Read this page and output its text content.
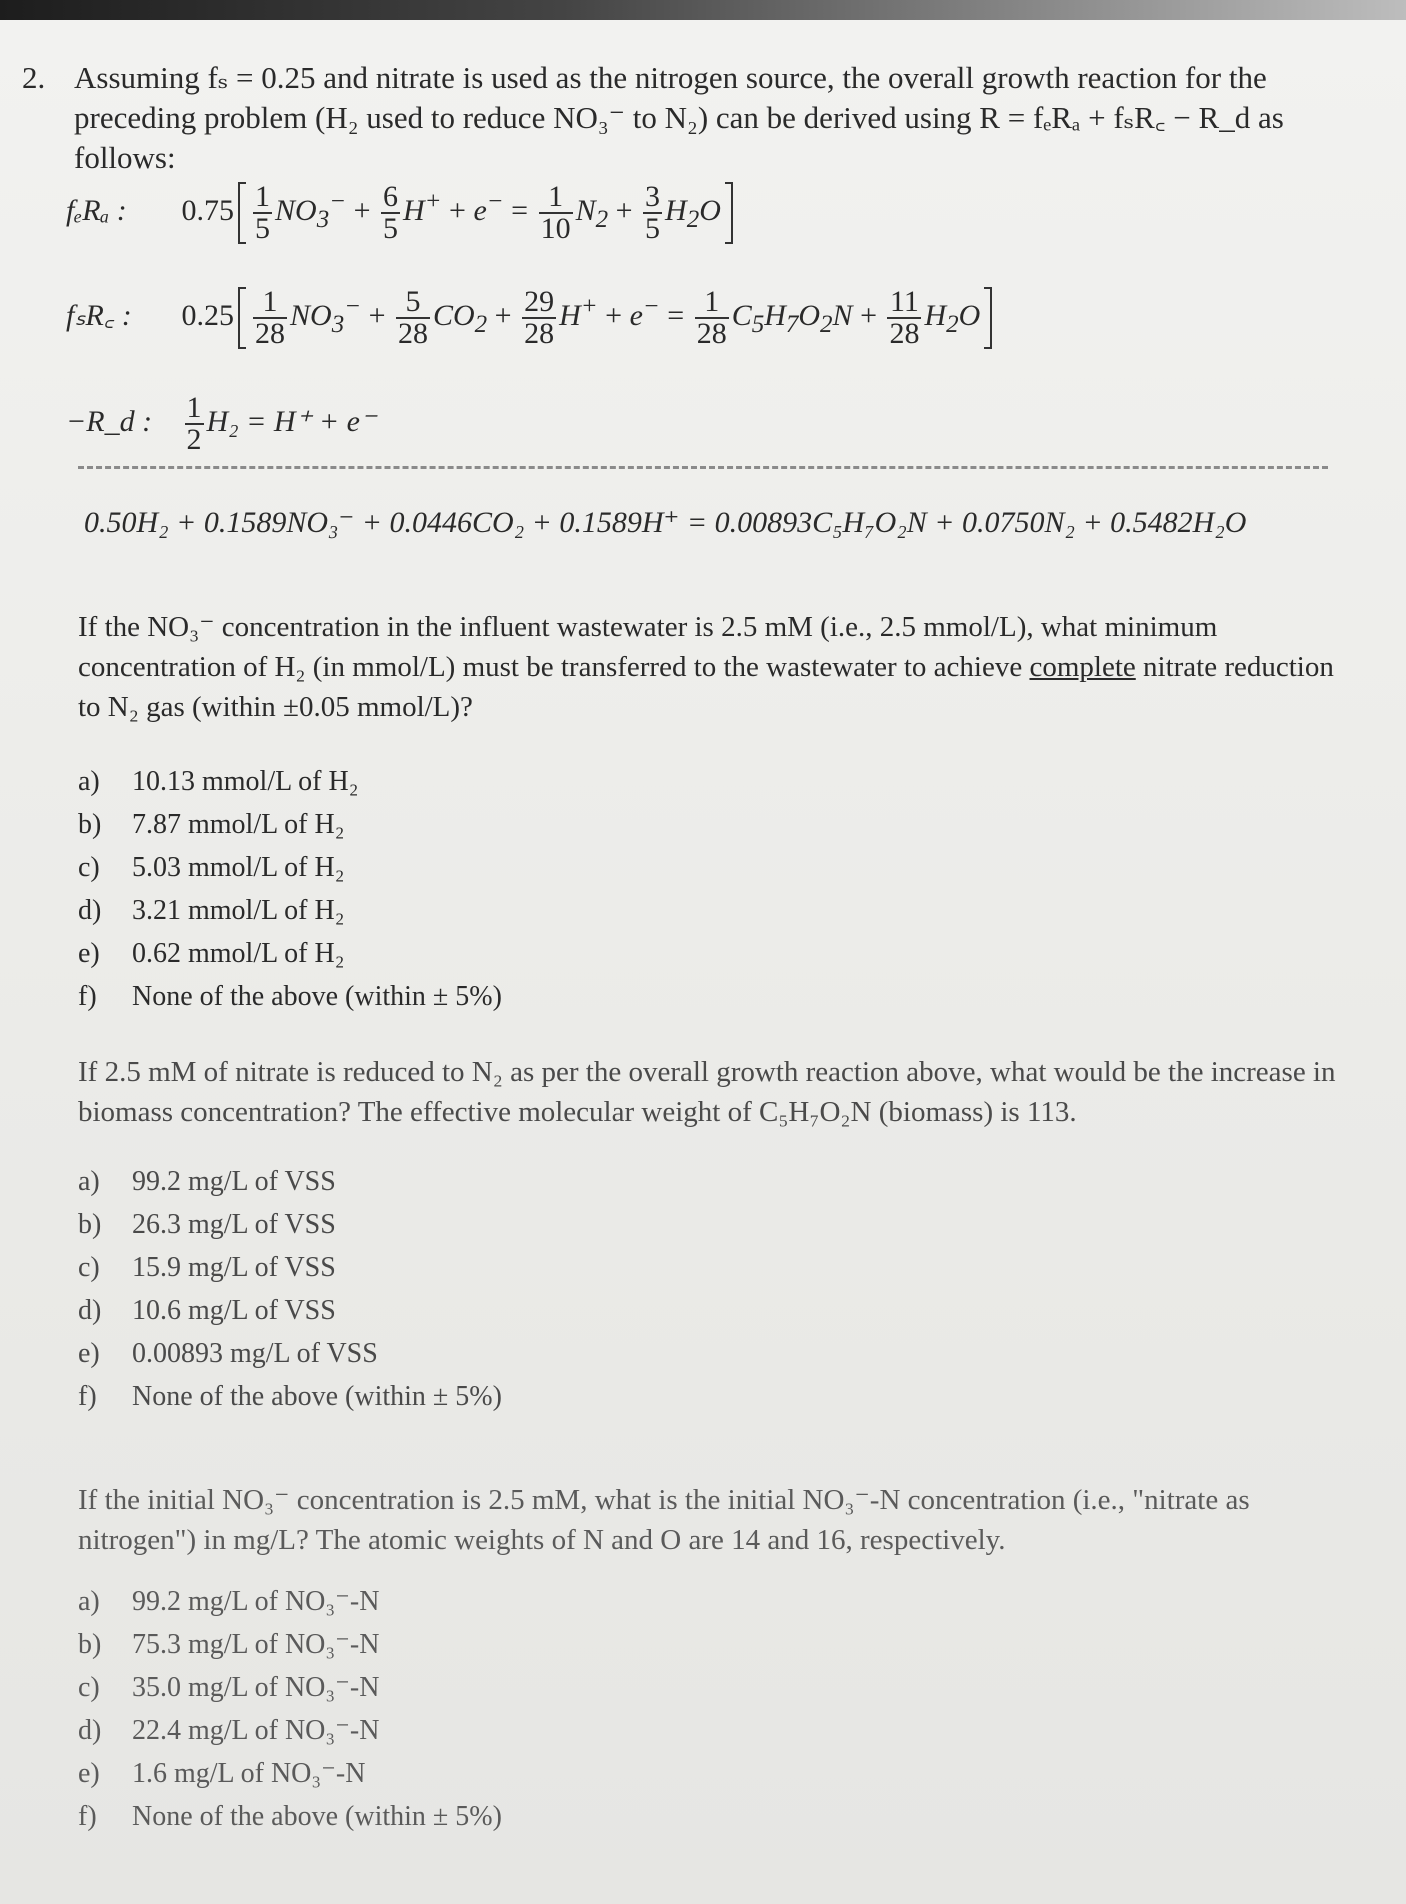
2. Assuming fₛ = 0.25 and nitrate is used as the nitrogen source, the overall growth reaction for the preceding problem (H₂ used to reduce NO₃⁻ to N₂) can be derived using R = fₑRₐ + fₛR꜀ − R_d as follows:
fₑRₐ : $0.75 \frac{1}{5} NO_3^- + \frac{6}{5} H^+ + e^- = \frac{1}{10} N_2 + \frac{3}{5} H_2O$
fₛR꜀ : $0.25 \frac{1}{28} NO_3^- + \frac{5}{28} CO_2 + \frac{29}{28} H^+ + e^- = \frac{1}{28} C_5H_7O_2N + \frac{11}{28} H_2O$
−R_d : $\frac{1}{2} H_2 = H^+ + e^-$
0.50H₂ + 0.1589NO₃⁻ + 0.0446CO₂ + 0.1589H⁺ = 0.00893C₅H₇O₂N + 0.0750N₂ + 0.5482H₂O
If the NO₃⁻ concentration in the influent wastewater is 2.5 mM (i.e., 2.5 mmol/L), what minimum concentration of H₂ (in mmol/L) must be transferred to the wastewater to achieve complete nitrate reduction to N₂ gas (within ±0.05 mmol/L)?
a) 10.13 mmol/L of H₂
b) 7.87 mmol/L of H₂
c) 5.03 mmol/L of H₂
d) 3.21 mmol/L of H₂
e) 0.62 mmol/L of H₂
f) None of the above (within ± 5%)
If 2.5 mM of nitrate is reduced to N₂ as per the overall growth reaction above, what would be the increase in biomass concentration? The effective molecular weight of C₅H₇O₂N (biomass) is 113.
a) 99.2 mg/L of VSS
b) 26.3 mg/L of VSS
c) 15.9 mg/L of VSS
d) 10.6 mg/L of VSS
e) 0.00893 mg/L of VSS
f) None of the above (within ± 5%)
If the initial NO₃⁻ concentration is 2.5 mM, what is the initial NO₃⁻-N concentration (i.e., "nitrate as nitrogen") in mg/L? The atomic weights of N and O are 14 and 16, respectively.
a) 99.2 mg/L of NO₃⁻-N
b) 75.3 mg/L of NO₃⁻-N
c) 35.0 mg/L of NO₃⁻-N
d) 22.4 mg/L of NO₃⁻-N
e) 1.6 mg/L of NO₃⁻-N
f) None of the above (within ± 5%)
